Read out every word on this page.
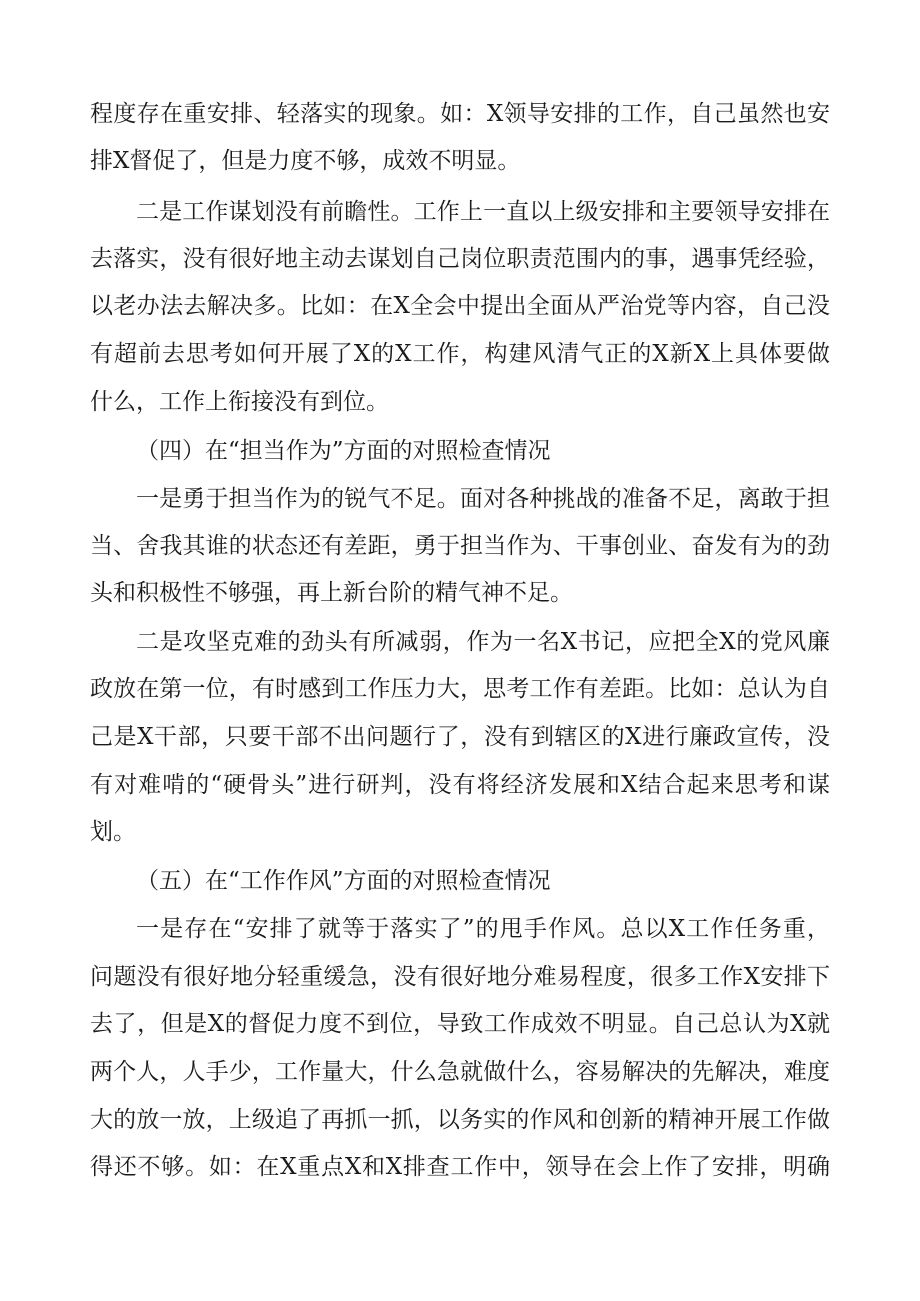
程度存在重安排、轻落实的现象。如：X领导安排的工作，自己虽然也安
排X督促了，但是力度不够，成效不明显。
二是工作谋划没有前瞻性。工作上一直以上级安排和主要领导安排在
去落实，没有很好地主动去谋划自己岗位职责范围内的事，遇事凭经验，
以老办法去解决多。比如：在X全会中提出全面从严治党等内容，自己没
有超前去思考如何开展了X的X工作，构建风清气正的X新X上具体要做
什么，工作上衔接没有到位。
（四）在“担当作为”方面的对照检查情况
一是勇于担当作为的锐气不足。面对各种挑战的准备不足，离敢于担
当、舍我其谁的状态还有差距，勇于担当作为、干事创业、奋发有为的劲
头和积极性不够强，再上新台阶的精气神不足。
二是攻坚克难的劲头有所减弱，作为一名X书记，应把全X的党风廉
政放在第一位，有时感到工作压力大，思考工作有差距。比如：总认为自
己是X干部，只要干部不出问题行了，没有到辖区的X进行廉政宣传，没
有对难啃的“硬骨头”进行研判，没有将经济发展和X结合起来思考和谋
划。
（五）在“工作作风”方面的对照检查情况
一是存在“安排了就等于落实了”的甩手作风。总以X工作任务重，
问题没有很好地分轻重缓急，没有很好地分难易程度，很多工作X安排下
去了，但是X的督促力度不到位，导致工作成效不明显。自己总认为X就
两个人，人手少，工作量大，什么急就做什么，容易解决的先解决，难度
大的放一放，上级追了再抓一抓，以务实的作风和创新的精神开展工作做
得还不够。如：在X重点X和X排查工作中，领导在会上作了安排，明确
